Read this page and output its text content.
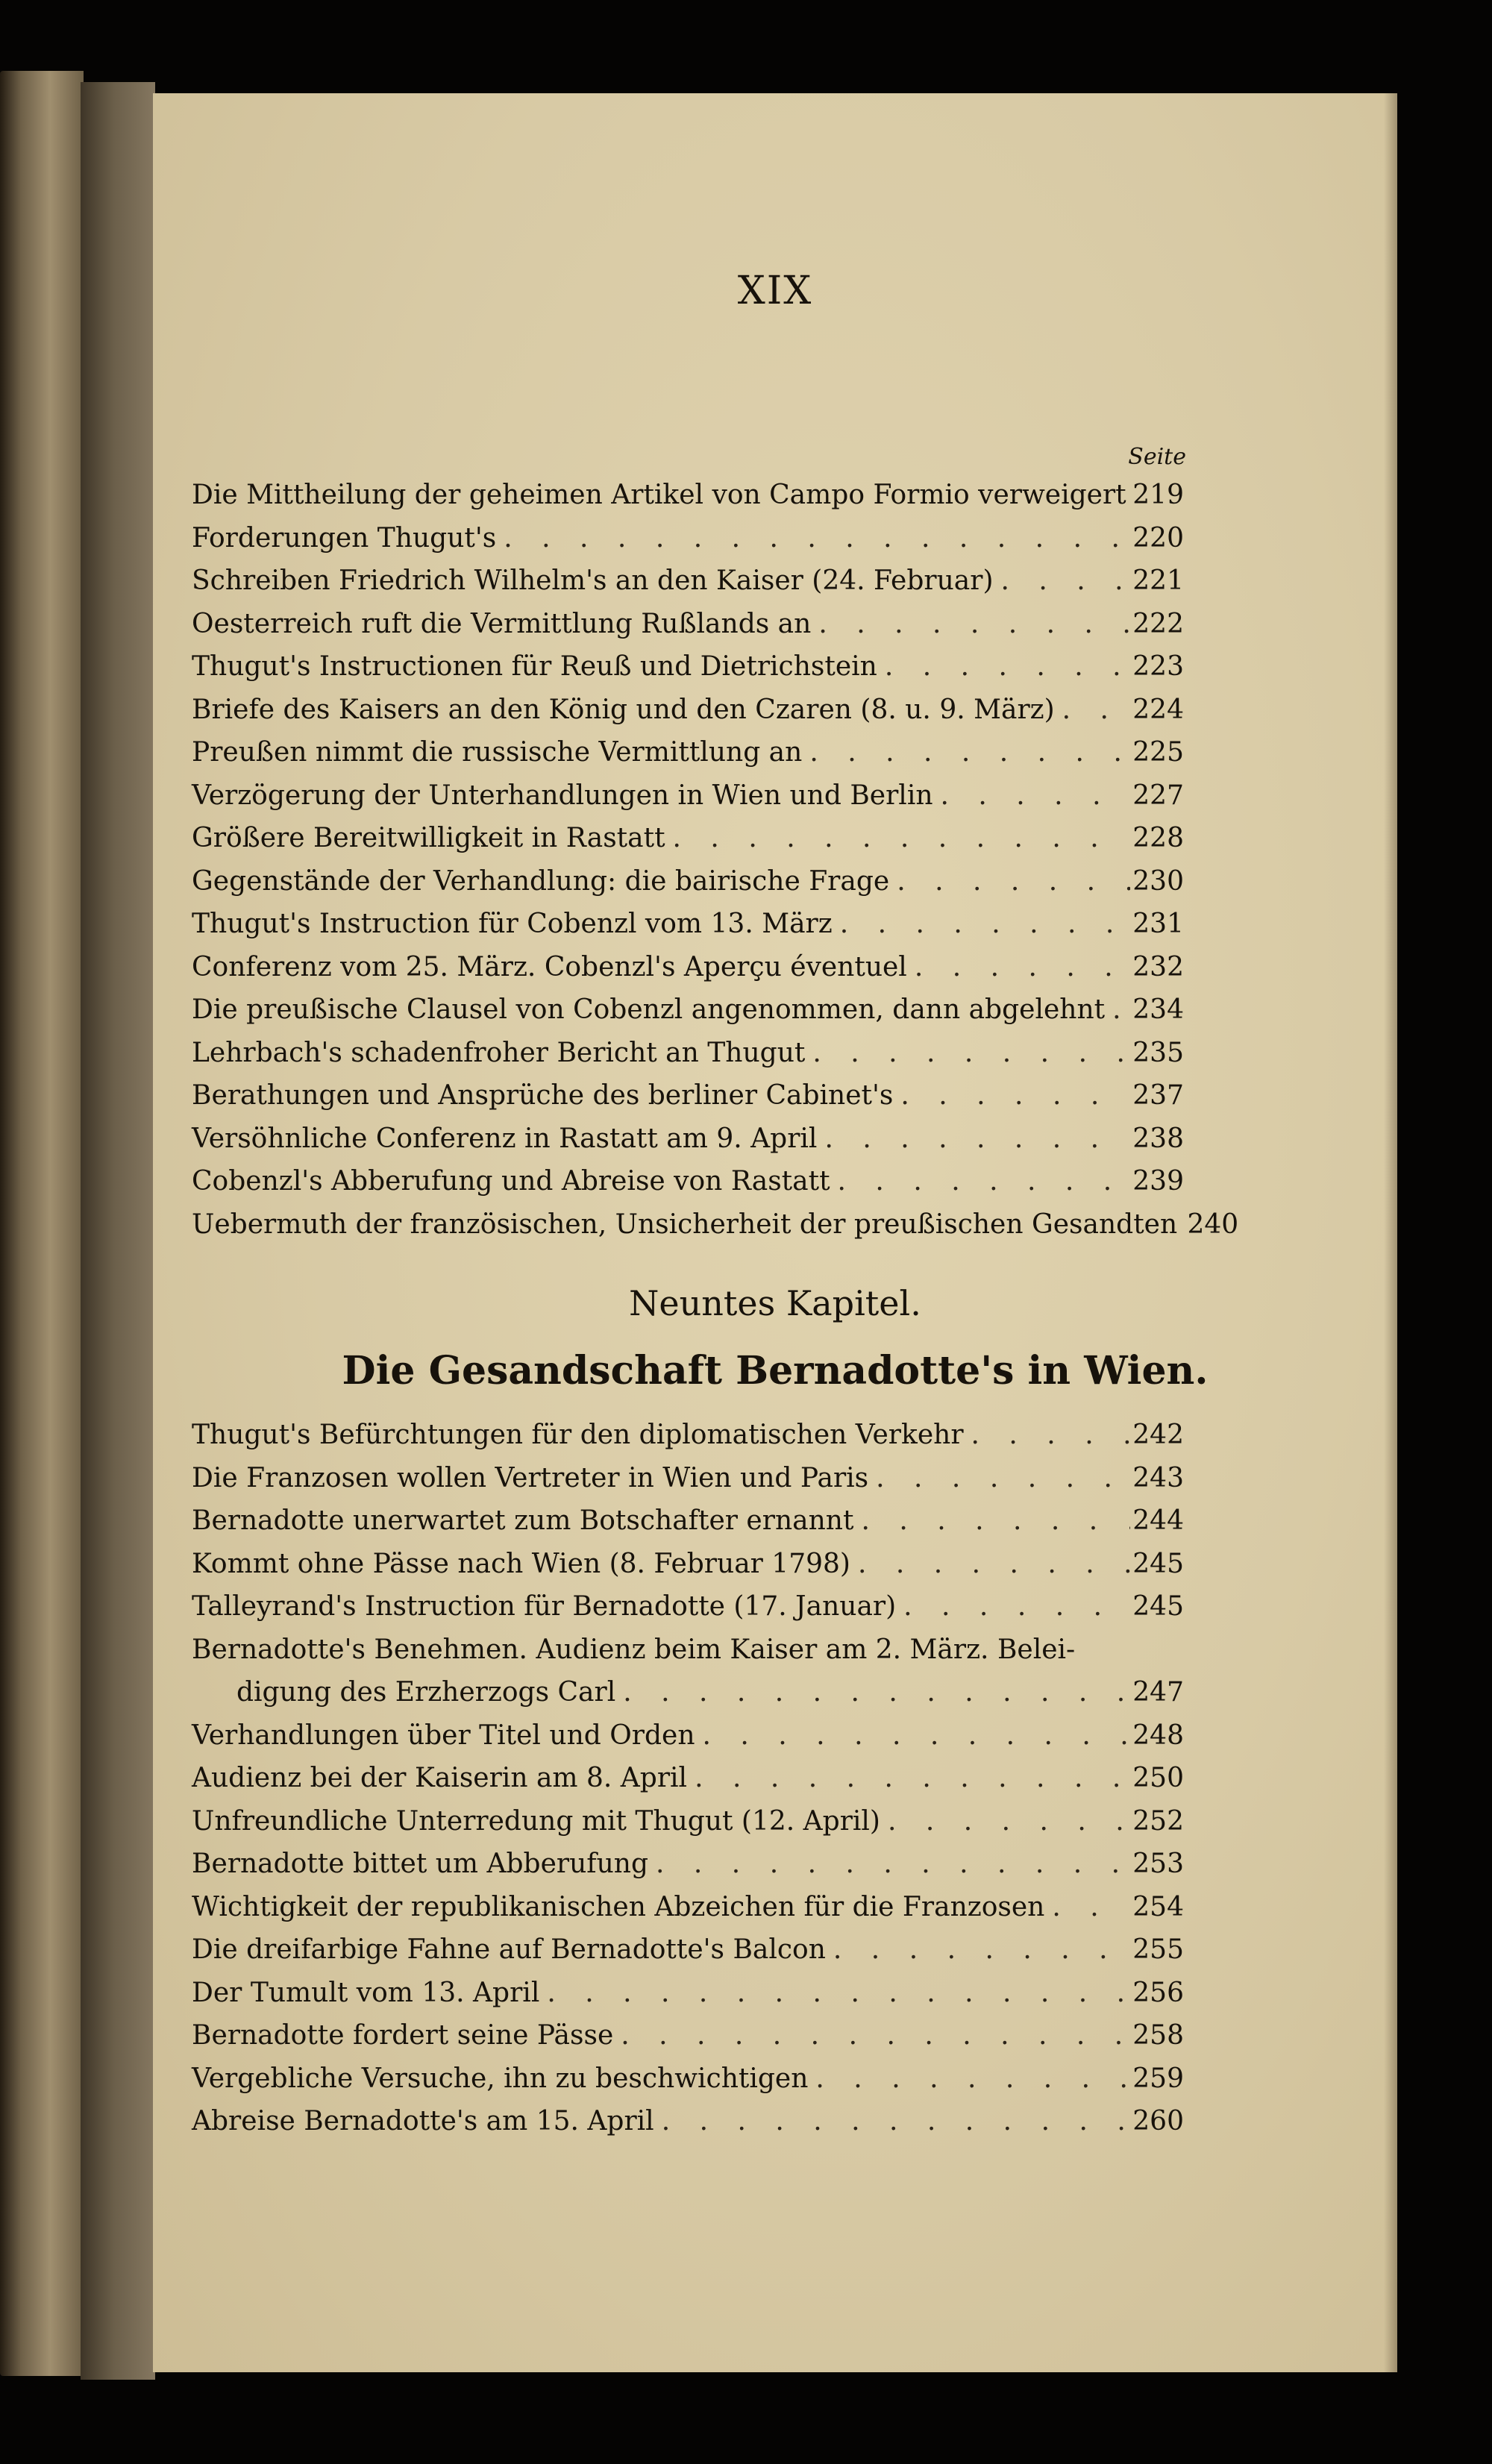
XIX
Seite
Die Mittheilung der geheimen Artikel von Campo Formio verweigert 219
Forderungen Thugut's . . .	220
Schreiben Friedrich Wilhelm's an den Kaiser (24. Februar) . . .	221
Oesterreich ruft die Vermittlung Rußlands an . . .	222
Thugut's Instructionen für Reuß und Dietrichstein . . .	223
Briefe des Kaisers an den König und den Czaren (8. u. 9. März) . . .	224
Preußen nimmt die russische Vermittlung an . . .	225
Verzögerung der Unterhandlungen in Wien und Berlin . . .	227
Größere Bereitwilligkeit in Rastatt . . .	228
Gegenstände der Verhandlung: die bairische Frage . . .	230
Thugut's Instruction für Cobenzl vom 13. März . . .	231
Conferenz vom 25. März. Cobenzl's Aperçu éventuel . . .	232
Die preußische Clausel von Cobenzl angenommen, dann abgelehnt . . . 234
Lehrbach's schadenfroher Bericht an Thugut . . .	235
Berathungen und Ansprüche des berliner Cabinet's . . .	237
Versöhnliche Conferenz in Rastatt am 9. April . . .	238
Cobenzl's Abberufung und Abreise von Rastatt . . .	239
Uebermuth der französischen, Unsicherheit der preußischen Gesandten . . . 240
Neuntes Kapitel.
Die Gesandschaft Bernadotte's in Wien.
Thugut's Befürchtungen für den diplomatischen Verkehr . . .	242
Die Franzosen wollen Vertreter in Wien und Paris . . .	243
Bernadotte unerwartet zum Botschafter ernannt . . .	244
Kommt ohne Pässe nach Wien (8. Februar 1798) . . .	245
Talleyrand's Instruction für Bernadotte (17. Januar) . . .	245
Bernadotte's Benehmen. Audienz beim Kaiser am 2. März. Belei-
digung des Erzherzogs Carl . . .	247
Verhandlungen über Titel und Orden . . .	248
Audienz bei der Kaiserin am 8. April . . .	250
Unfreundliche Unterredung mit Thugut (12. April) . . .	252
Bernadotte bittet um Abberufung . . .	253
Wichtigkeit der republikanischen Abzeichen für die Franzosen . . .	254
Die dreifarbige Fahne auf Bernadotte's Balcon . . .	255
Der Tumult vom 13. April . . .	256
Bernadotte fordert seine Pässe . . .	258
Vergebliche Versuche, ihn zu beschwichtigen . . .	259
Abreise Bernadotte's am 15. April . . .	260
